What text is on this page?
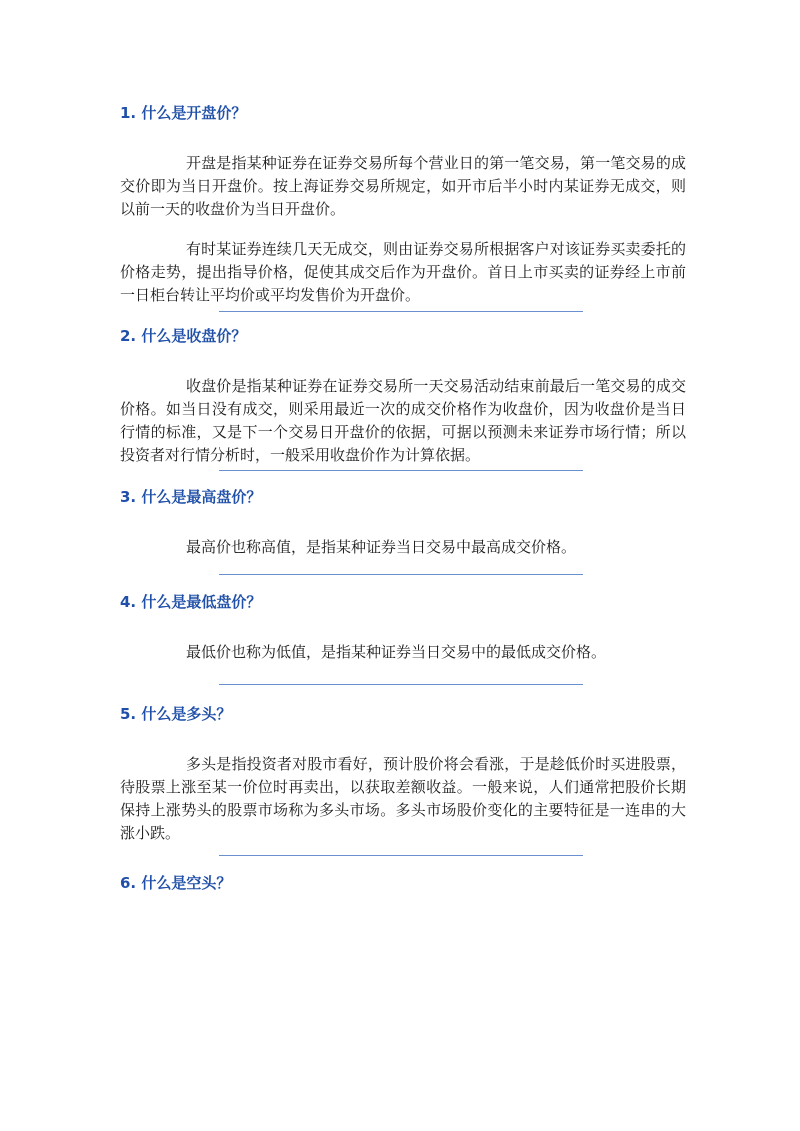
1. 什么是开盘价？

开盘是指某种证券在证券交易所每个营业日的第一笔交易，第一笔交易的成交价即为当日开盘价。按上海证券交易所规定，如开市后半小时内某证券无成交，则以前一天的收盘价为当日开盘价。

有时某证券连续几天无成交，则由证券交易所根据客户对该证券买卖委托的价格走势，提出指导价格，促使其成交后作为开盘价。首日上市买卖的证券经上市前一日柜台转让平均价或平均发售价为开盘价。

2. 什么是收盘价？

收盘价是指某种证券在证券交易所一天交易活动结束前最后一笔交易的成交价格。如当日没有成交，则采用最近一次的成交价格作为收盘价，因为收盘价是当日行情的标准，又是下一个交易日开盘价的依据，可据以预测未来证券市场行情；所以投资者对行情分析时，一般采用收盘价作为计算依据。

3. 什么是最高盘价？

最高价也称高值，是指某种证券当日交易中最高成交价格。

4. 什么是最低盘价？

最低价也称为低值，是指某种证券当日交易中的最低成交价格。

5. 什么是多头？

多头是指投资者对股市看好，预计股价将会看涨，于是趁低价时买进股票，待股票上涨至某一价位时再卖出，以获取差额收益。一般来说，人们通常把股价长期保持上涨势头的股票市场称为多头市场。多头市场股价变化的主要特征是一连串的大涨小跌。

6. 什么是空头？
